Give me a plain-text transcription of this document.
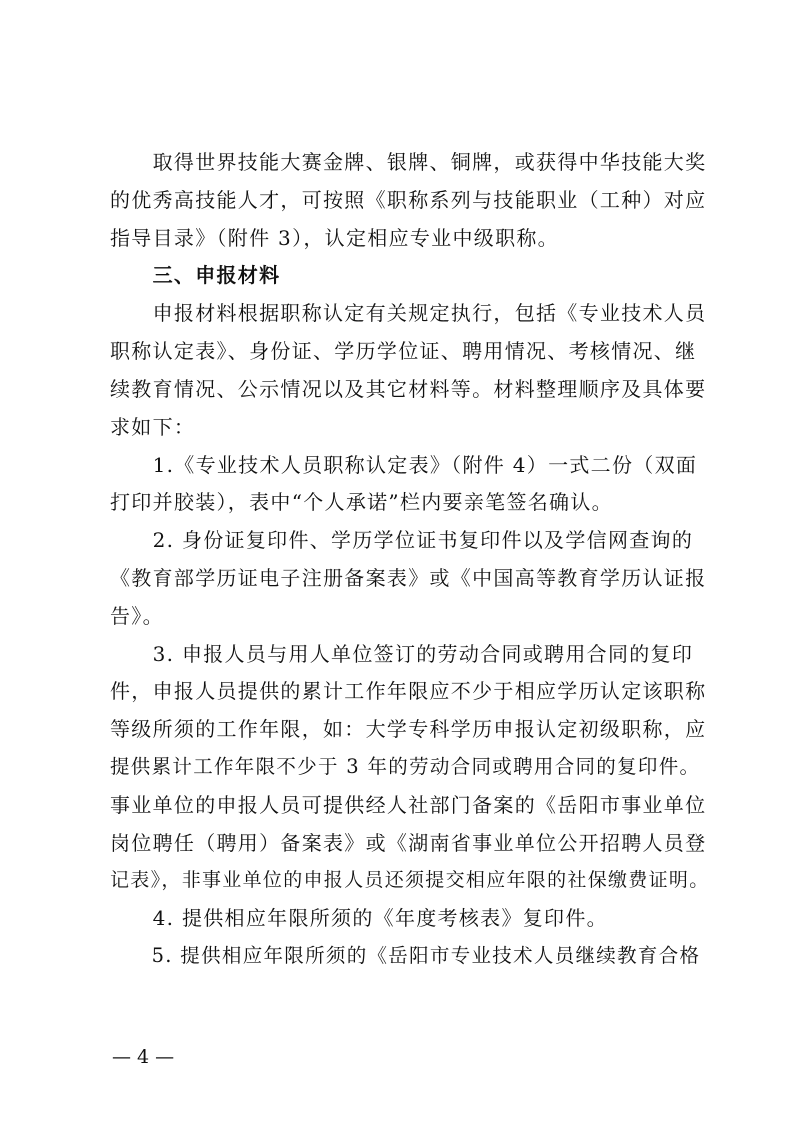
　　取得世界技能大赛金牌、银牌、铜牌，或获得中华技能大奖
的优秀高技能人才，可按照《职称系列与技能职业（工种）对应
指导目录》（附件 3），认定相应专业中级职称。
　　三、申报材料
　　申报材料根据职称认定有关规定执行，包括《专业技术人员
职称认定表》、身份证、学历学位证、聘用情况、考核情况、继
续教育情况、公示情况以及其它材料等。材料整理顺序及具体要
求如下：
　　1.《专业技术人员职称认定表》（附件 4）一式二份（双面
打印并胶装），表中“个人承诺”栏内要亲笔签名确认。
　　2. 身份证复印件、学历学位证书复印件以及学信网查询的
《教育部学历证电子注册备案表》或《中国高等教育学历认证报
告》。
　　3. 申报人员与用人单位签订的劳动合同或聘用合同的复印
件，申报人员提供的累计工作年限应不少于相应学历认定该职称
等级所须的工作年限，如：大学专科学历申报认定初级职称，应
提供累计工作年限不少于 3 年的劳动合同或聘用合同的复印件。
事业单位的申报人员可提供经人社部门备案的《岳阳市事业单位
岗位聘任（聘用）备案表》或《湖南省事业单位公开招聘人员登
记表》，非事业单位的申报人员还须提交相应年限的社保缴费证明。
　　4. 提供相应年限所须的《年度考核表》复印件。
　　5. 提供相应年限所须的《岳阳市专业技术人员继续教育合格
— 4 —
